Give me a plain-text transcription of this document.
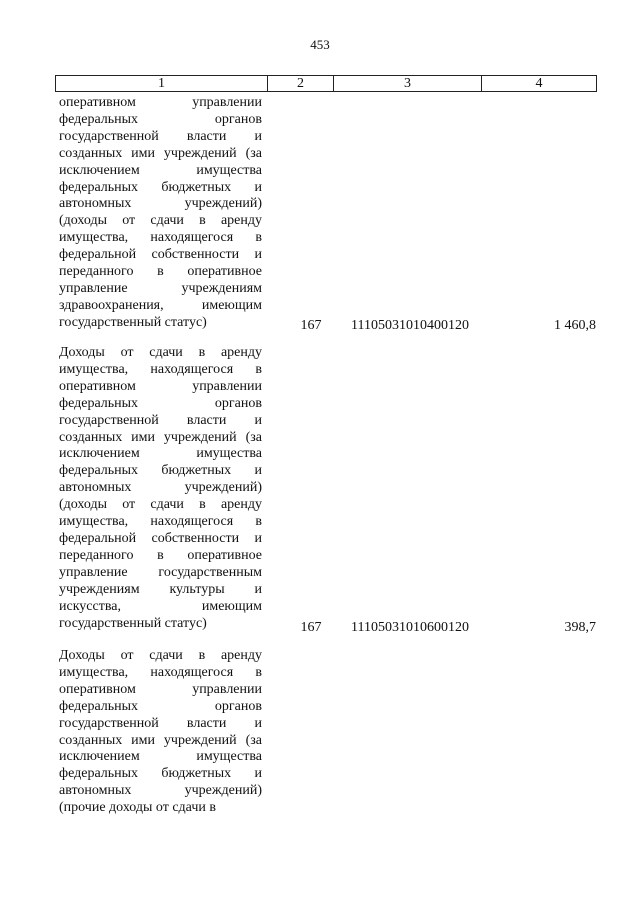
453
1	2	3	4
оперативном управлении федеральных органов государственной власти и созданных ими учреждений (за исключением имущества федеральных бюджетных и автономных учреждений) (доходы от сдачи в аренду имущества, находящегося в федеральной собственности и переданного в оперативное управление учреждениям здравоохранения, имеющим государственный статус)	167	11105031010400120	1 460,8
Доходы от сдачи в аренду имущества, находящегося в оперативном управлении федеральных органов государственной власти и созданных ими учреждений (за исключением имущества федеральных бюджетных и автономных учреждений) (доходы от сдачи в аренду имущества, находящегося в федеральной собственности и переданного в оперативное управление государственным учреждениям культуры и искусства, имеющим государственный статус)	167	11105031010600120	398,7
Доходы от сдачи в аренду имущества, находящегося в оперативном управлении федеральных органов государственной власти и созданных ими учреждений (за исключением имущества федеральных бюджетных и автономных учреждений) (прочие доходы от сдачи в
